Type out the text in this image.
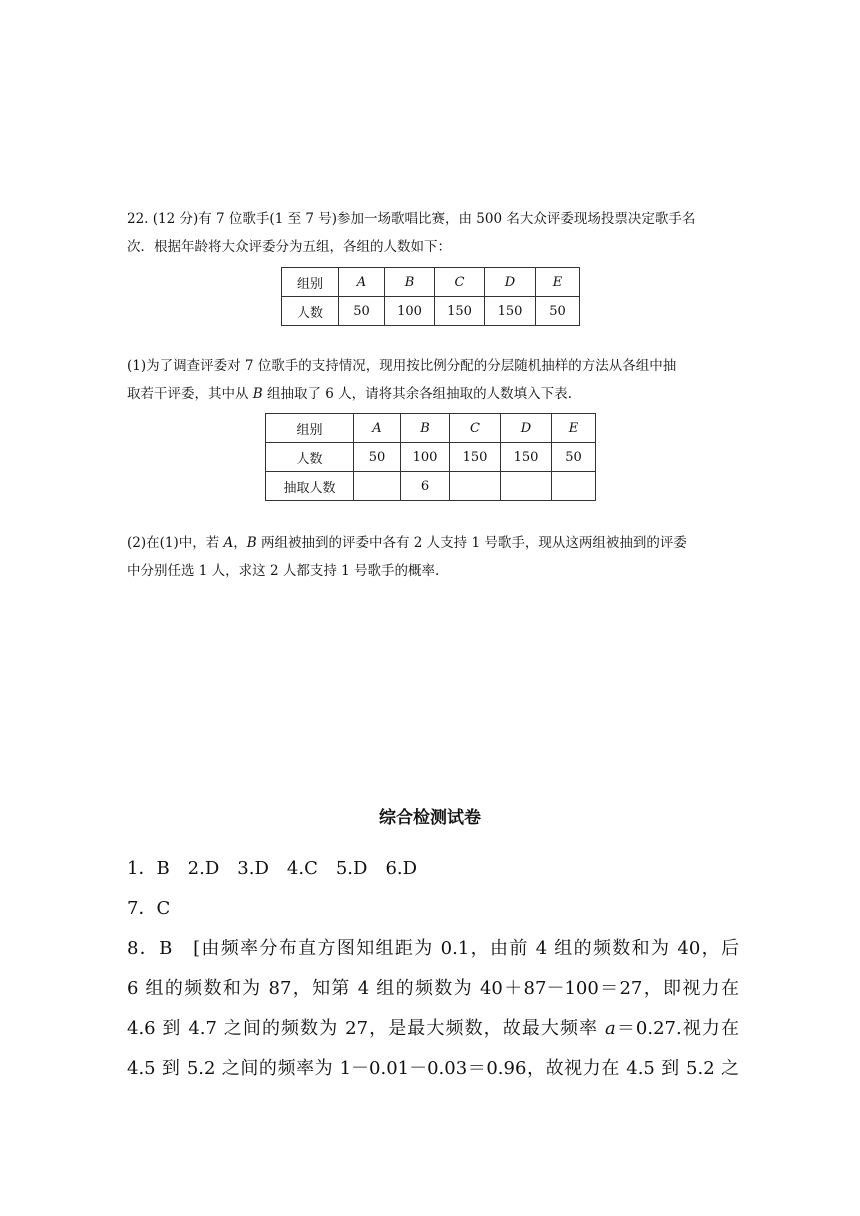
22. (12 分)有 7 位歌手(1 至 7 号)参加一场歌唱比赛，由 500 名大众评委现场投票决定歌手名

次．根据年龄将大众评委分为五组，各组的人数如下：

组别	A	B	C	D	E
人数	50	100	150	150	50

(1)为了调查评委对 7 位歌手的支持情况，现用按比例分配的分层随机抽样的方法从各组中抽

取若干评委，其中从 B 组抽取了 6 人，请将其余各组抽取的人数填入下表.

组别	A	B	C	D	E
人数	50	100	150	150	50
抽取人数		6			

(2)在(1)中，若 A，B 两组被抽到的评委中各有 2 人支持 1 号歌手，现从这两组被抽到的评委

中分别任选 1 人，求这 2 人都支持 1 号歌手的概率.

综合检测试卷

1．B　2.D　3.D　4.C　5.D　6.D

7．C

8．B　[由频率分布直方图知组距为 0.1，由前 4 组的频数和为 40，后

6 组的频数和为 87，知第 4 组的频数为 40＋87－100＝27，即视力在

4.6 到 4.7 之间的频数为 27，是最大频数，故最大频率 a＝0.27.视力在

4.5 到 5.2 之间的频率为 1－0.01－0.03＝0.96，故视力在 4.5 到 5.2 之
